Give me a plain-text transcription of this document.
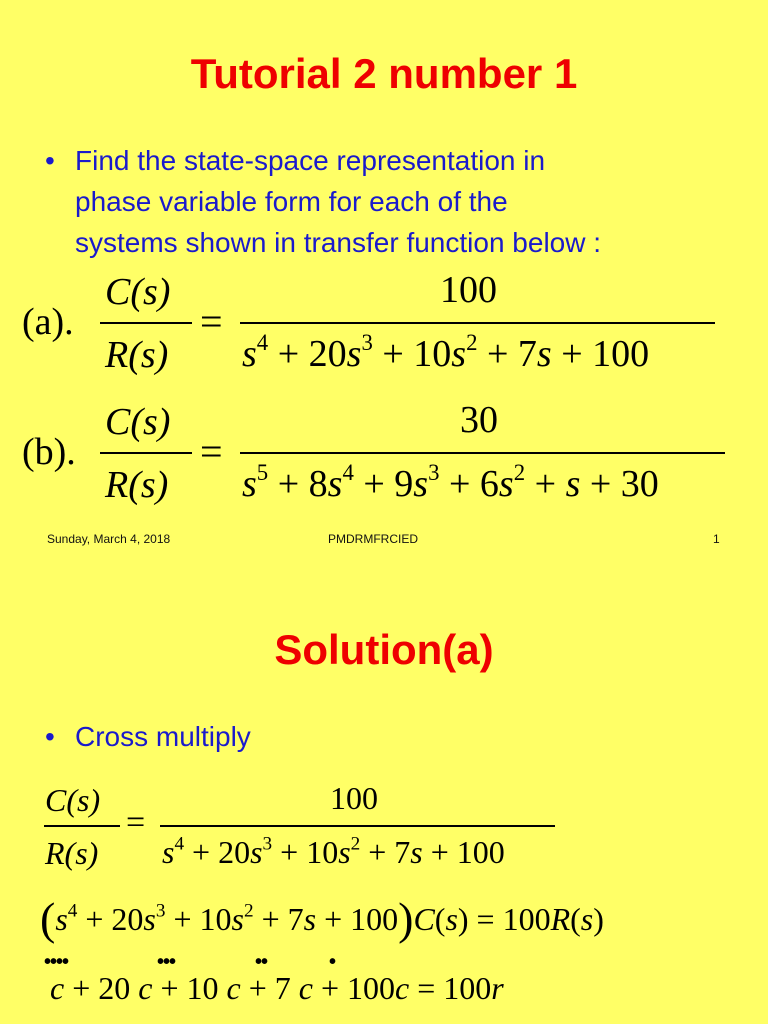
Tutorial 2 number 1
• Find the state-space representation in
phase variable form for each of the
systems shown in transfer function below :
(a).
C(s)
R(s)
=
100
$s^4 + 20s^3 + 10s^2 + 7s + 100$
(b).
C(s)
R(s)
=
30
$s^5 + 8s^4 + 9s^3 + 6s^2 + s + 30$
Sunday, March 4, 2018	PMDRMFRCIED	1
Solution(a)
• Cross multiply
C(s)
R(s)
=
100
$s^4 + 20s^3 + 10s^2 + 7s + 100$
$(s^4 + 20s^3 + 10s^2 + 7s + 100)C(s) = 100R(s)$
••••	•••	••	•
c + 20 c + 10 c + 7 c + 100c = 100r
